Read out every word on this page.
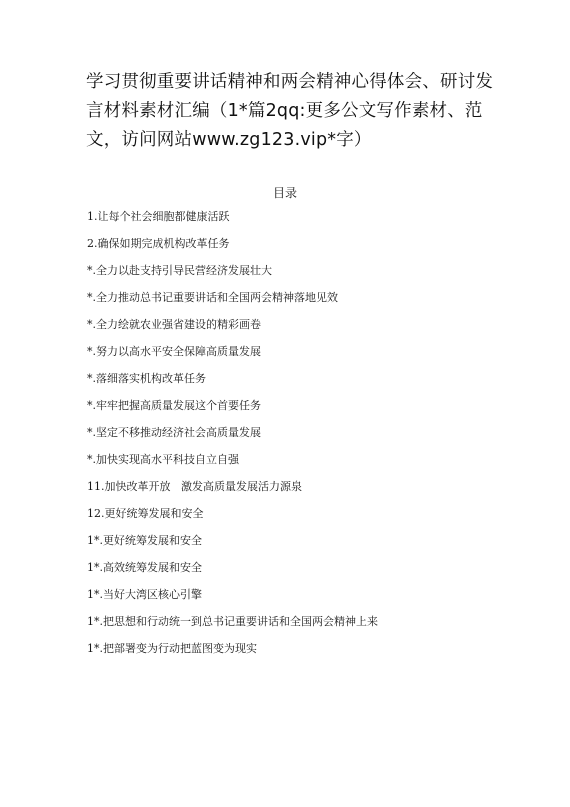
学习贯彻重要讲话精神和两会精神心得体会、研讨发言材料素材汇编（1*篇2qq:更多公文写作素材、范文，访问网站www.zg123.vip*字）
目录
1.让每个社会细胞都健康活跃
2.确保如期完成机构改革任务
*.全力以赴支持引导民营经济发展壮大
*.全力推动总书记重要讲话和全国两会精神落地见效
*.全力绘就农业强省建设的精彩画卷
*.努力以高水平安全保障高质量发展
*.落细落实机构改革任务
*.牢牢把握高质量发展这个首要任务
*.坚定不移推动经济社会高质量发展
*.加快实现高水平科技自立自强
11.加快改革开放   激发高质量发展活力源泉
12.更好统筹发展和安全
1*.更好统筹发展和安全
1*.高效统筹发展和安全
1*.当好大湾区核心引擎
1*.把思想和行动统一到总书记重要讲话和全国两会精神上来
1*.把部署变为行动把蓝图变为现实
